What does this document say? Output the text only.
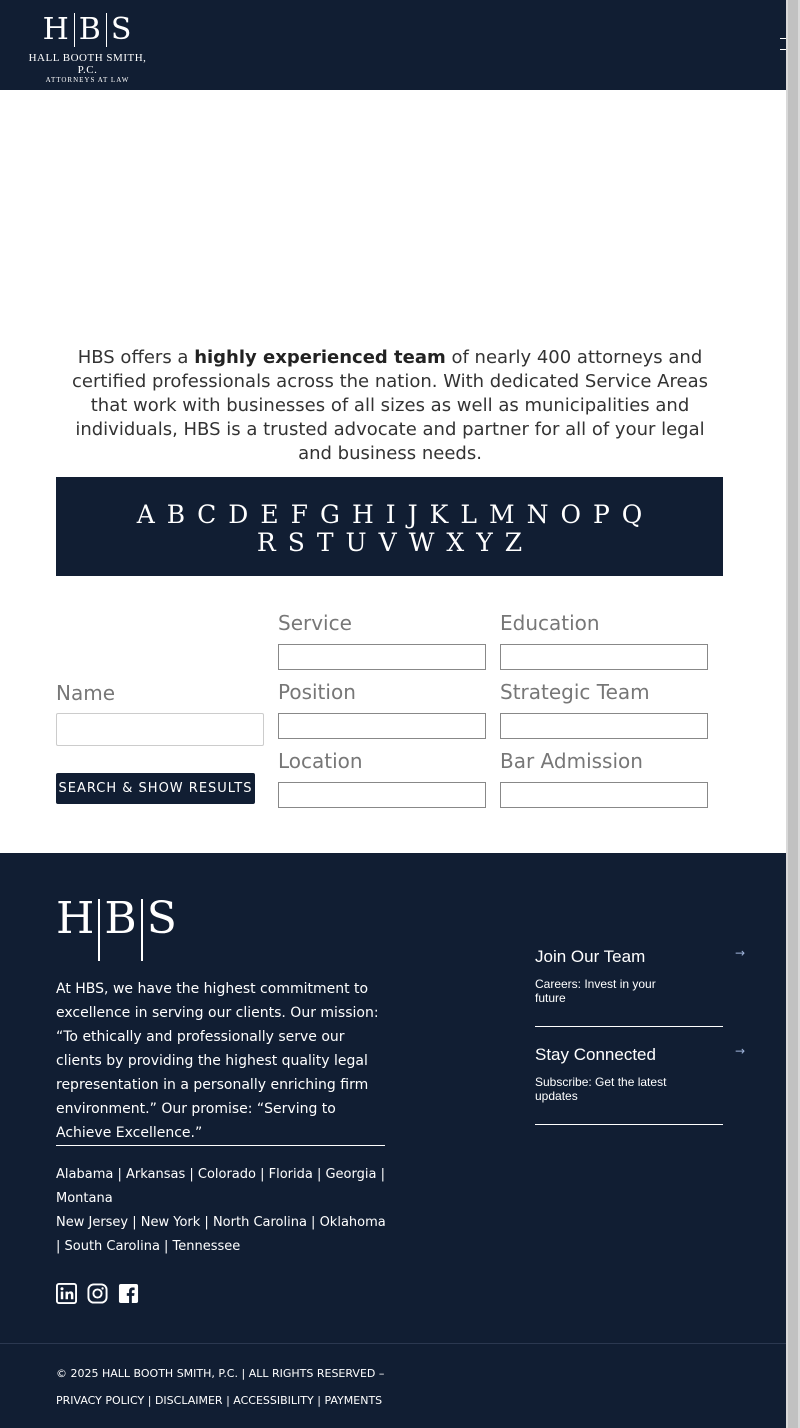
H B S
HALL BOOTH SMITH, P.C.
ATTORNEYS AT LAW

HBS offers a highly experienced team of nearly 400 attorneys and certified professionals across the nation. With dedicated Service Areas that work with businesses of all sizes as well as municipalities and individuals, HBS is a trusted advocate and partner for all of your legal and business needs.

A B C D E F G H I J K L M N O P Q
R S T U V W X Y Z
Service	Education
Name	Position	Strategic Team
SEARCH & SHOW RESULTS
Location	Bar Admission
H B S

At HBS, we have the highest commitment to excellence in serving our clients. Our mission: “To ethically and professionally serve our clients by providing the highest quality legal representation in a personally enriching firm environment.” Our promise: “Serving to Achieve Excellence.”

Alabama | Arkansas | Colorado | Florida | Georgia | Montana
New Jersey | New York | North Carolina | Oklahoma | South Carolina | Tennessee
Join Our Team
Careers: Invest in your future
→
Stay Connected
Subscribe: Get the latest updates
→
© 2025 HALL BOOTH SMITH, P.C. | ALL RIGHTS RESERVED –
PRIVACY POLICY | DISCLAIMER | ACCESSIBILITY | PAYMENTS
